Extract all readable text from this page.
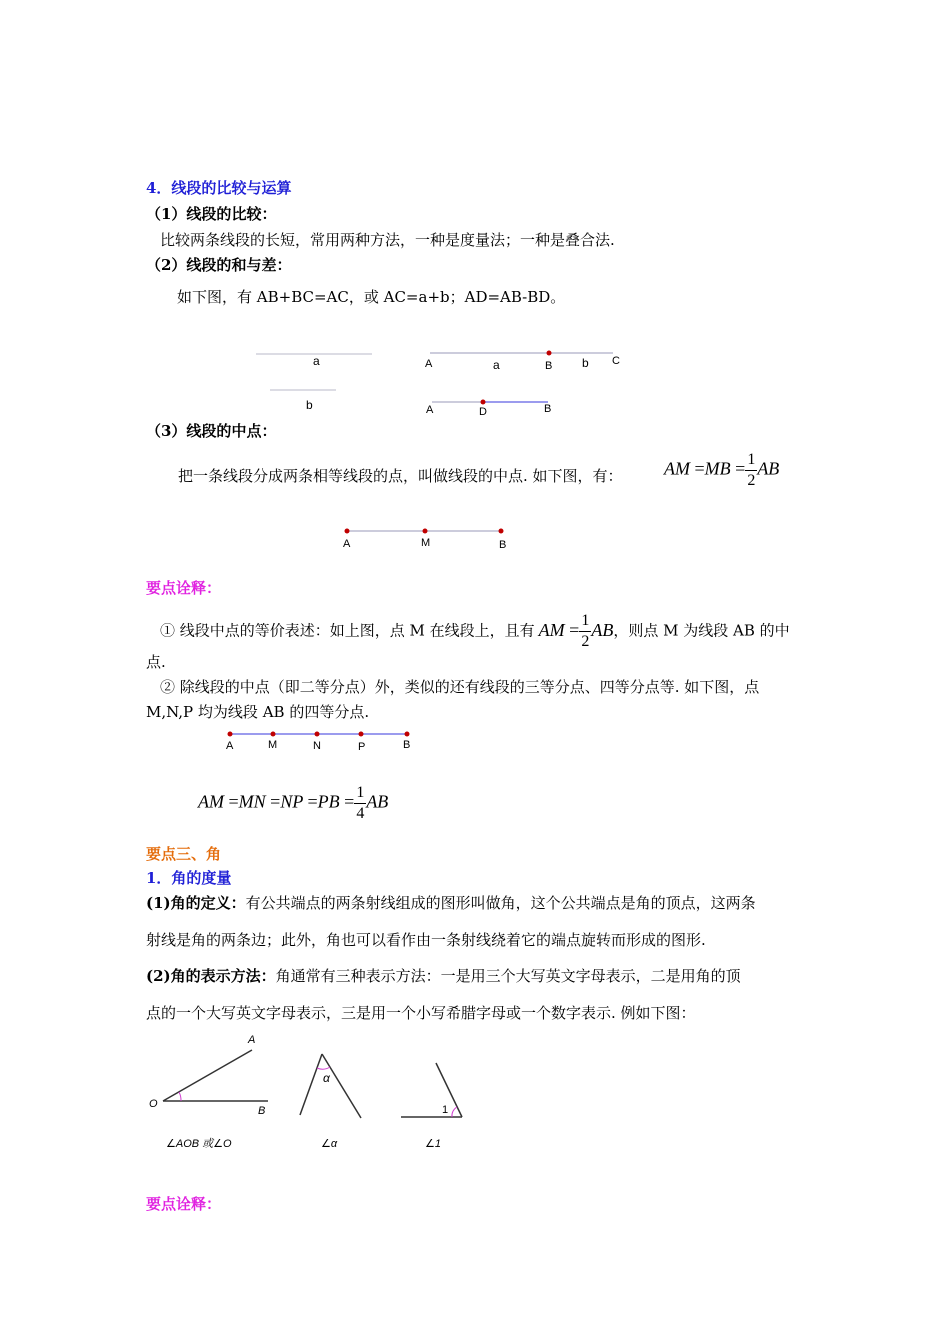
4．线段的比较与运算
（1）线段的比较：
比较两条线段的长短，常用两种方法，一种是度量法；一种是叠合法.
（2）线段的和与差：
如下图，有 AB+BC=AC，或 AC=a+b；AD=AB-BD。
a
b
A	a	B b C
A	D	B
（3）线段的中点：
把一条线段分成两条相等线段的点，叫做线段的中点. 如下图，有： AM $=MB = \frac{1}{2}$ AB
A	M	B
要点诠释：
① 线段中点的等价表述：如上图，点 M 在线段上，且有 AM = $\frac{1}{2}$ AB，则点 M 为线段 AB 的中
点.
② 除线段的中点（即二等分点）外，类似的还有线段的三等分点、四等分点等. 如下图，点
M,N,P 均为线段 AB 的四等分点.
A	M	N	P	B
AM $=MN =NP =PB = \frac{1}{4}$ AB
要点三、角
1．角的度量
(1)角的定义：有公共端点的两条射线组成的图形叫做角，这个公共端点是角的顶点，这两条
射线是角的两条边；此外，角也可以看作由一条射线绕着它的端点旋转而形成的图形.
(2)角的表示方法：角通常有三种表示方法：一是用三个大写英文字母表示，二是用角的顶
点的一个大写英文字母表示，三是用一个小写希腊字母或一个数字表示. 例如下图：
O
A
B
∠AOB 或∠O
α
∠α
1
∠1
要点诠释：
